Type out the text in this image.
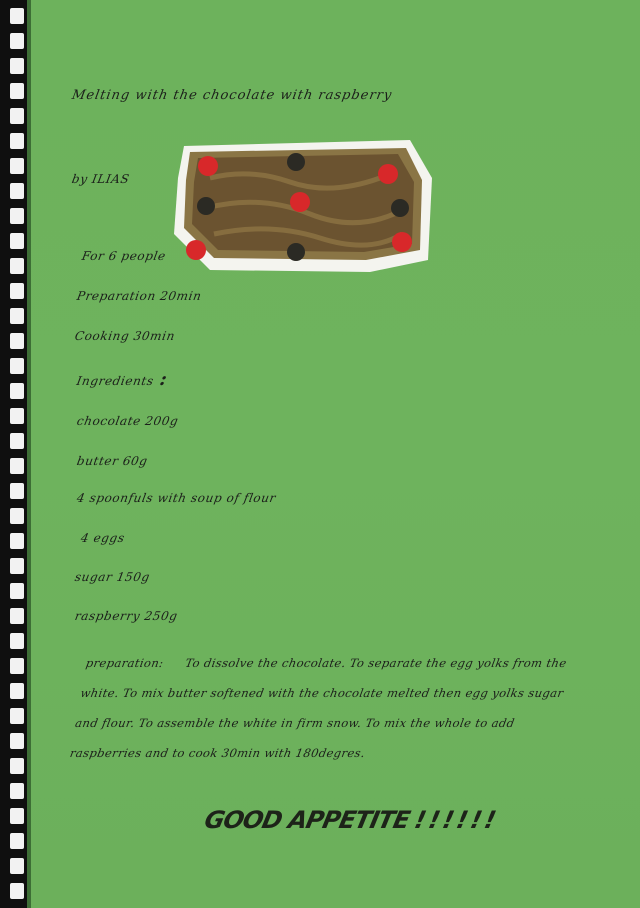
Melting with the chocolate with raspberry

by ILIAS

For 6 people

Preparation 20min

Cooking 30min

Ingredients :

chocolate 200g

butter 60g

4 spoonfuls with soup of flour

4 eggs

sugar 150g

raspberry 250g

preparation: To dissolve the chocolate. To separate the egg yolks from the white. To mix butter softened with the chocolate melted then egg yolks sugar and flour. To assemble the white in firm snow. To mix the whole to add raspberries and to cook 30min with 180degres.

GOOD APPETITE!!!!!!
